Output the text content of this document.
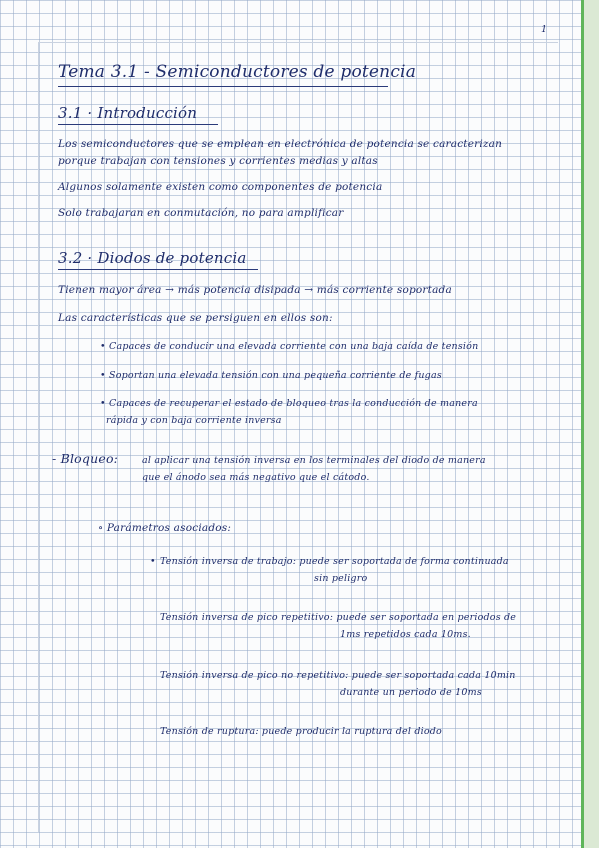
1
Tema 3.1 - Semiconductores de potencia
3.1 · Introducción
Los semiconductores que se emplean en electrónica de potencia se caracterizan
porque trabajan con tensiones y corrientes medias y altas
Algunos solamente existen como componentes de potencia
Solo trabajaran en conmutación, no para amplificar
3.2 · Diodos de potencia
Tienen mayor área → más potencia disipada → más corriente soportada
Las características que se persiguen en ellos son:
• Capaces de conducir una elevada corriente con una baja caída de tensión
• Soportan una elevada tensión con una pequeña corriente de fugas
• Capaces de recuperar el estado de bloqueo tras la conducción de manera
rápida y con baja corriente inversa
- Bloqueo:	al aplicar una tensión inversa en los terminales del diodo de manera
que el ánodo sea más negativo que el cátodo.
∘ Parámetros asociados:
• Tensión inversa de trabajo: puede ser soportada de forma continuada
sin peligro
Tensión inversa de pico repetitivo: puede ser soportada en periodos de
1ms repetidos cada 10ms.
Tensión inversa de pico no repetitivo: puede ser soportada cada 10min
durante un periodo de 10ms
Tensión de ruptura: puede producir la ruptura del diodo
